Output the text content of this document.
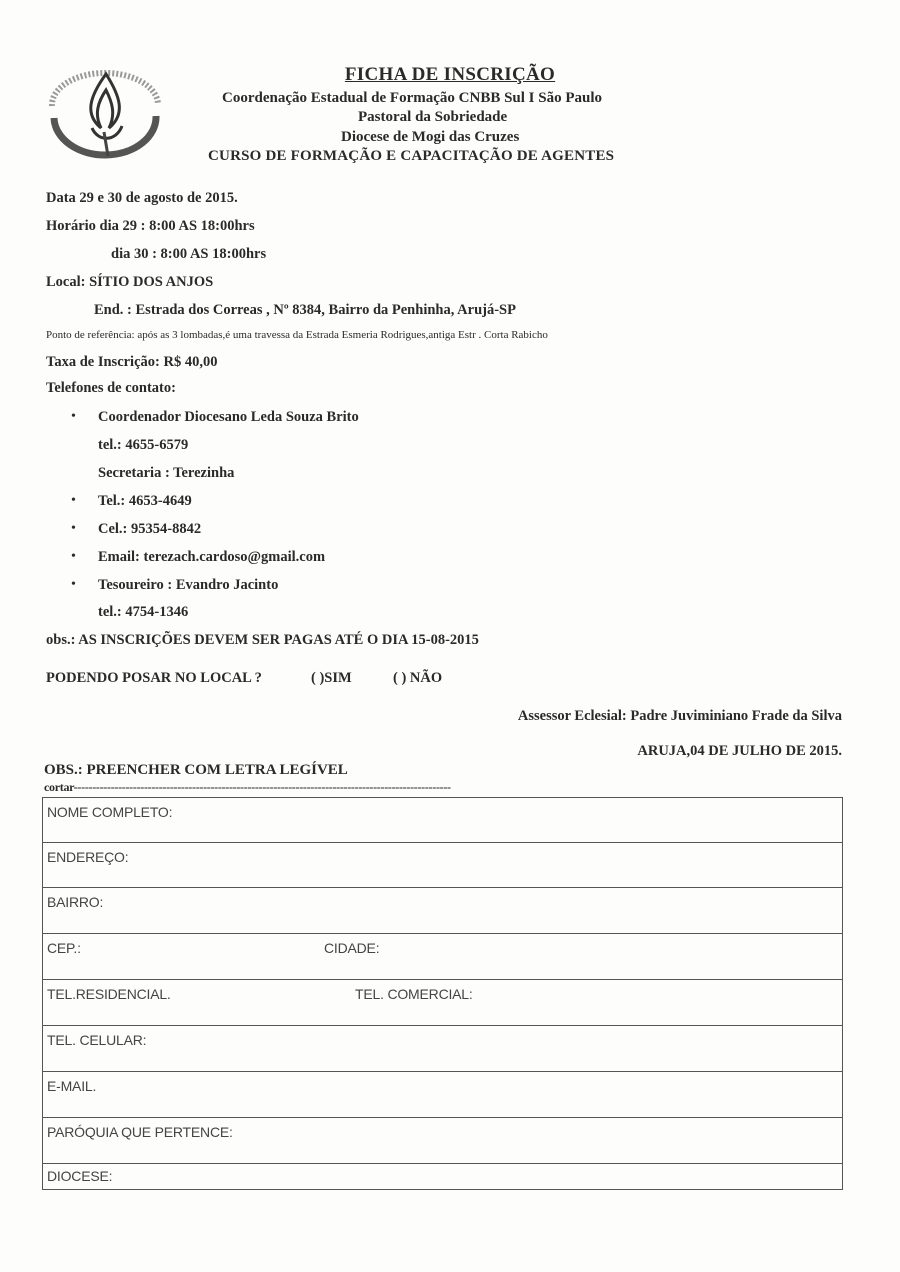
FICHA DE INSCRIÇÃO
Coordenação Estadual de Formação CNBB Sul I São Paulo
Pastoral da Sobriedade
Diocese de Mogi das Cruzes
CURSO DE FORMAÇÃO E CAPACITAÇÃO DE AGENTES
Data 29 e 30 de agosto de 2015.
Horário dia 29 : 8:00 AS 18:00hrs
dia 30 : 8:00 AS 18:00hrs
Local: SÍTIO DOS ANJOS
End. : Estrada dos Correas , Nº 8384, Bairro da Penhinha, Arujá-SP
Ponto de referência: após as 3 lombadas,é uma travessa da Estrada Esmeria Rodrigues,antiga Estr . Corta Rabicho
Taxa de Inscrição: R$ 40,00
Telefones de contato:
• Coordenador Diocesano Leda Souza Brito
tel.: 4655-6579
Secretaria : Terezinha
• Tel.: 4653-4649
• Cel.: 95354-8842
• Email: terezach.cardoso@gmail.com
• Tesoureiro : Evandro Jacinto
tel.: 4754-1346
obs.: AS INSCRIÇÕES DEVEM SER PAGAS ATÉ O DIA 15-08-2015
PODENDO POSAR NO LOCAL ?	( )SIM	( ) NÃO
Assessor Eclesial: Padre Juviminiano Frade da Silva
ARUJA,04 DE JULHO DE 2015.
OBS.: PREENCHER COM LETRA LEGÍVEL
cortar------------------------------------------------------------------------------------------------------
NOME COMPLETO:
ENDEREÇO:
BAIRRO:
CEP.:	CIDADE:
TEL.RESIDENCIAL.	TEL. COMERCIAL:
TEL. CELULAR:
E-MAIL.
PARÓQUIA QUE PERTENCE:
DIOCESE:
